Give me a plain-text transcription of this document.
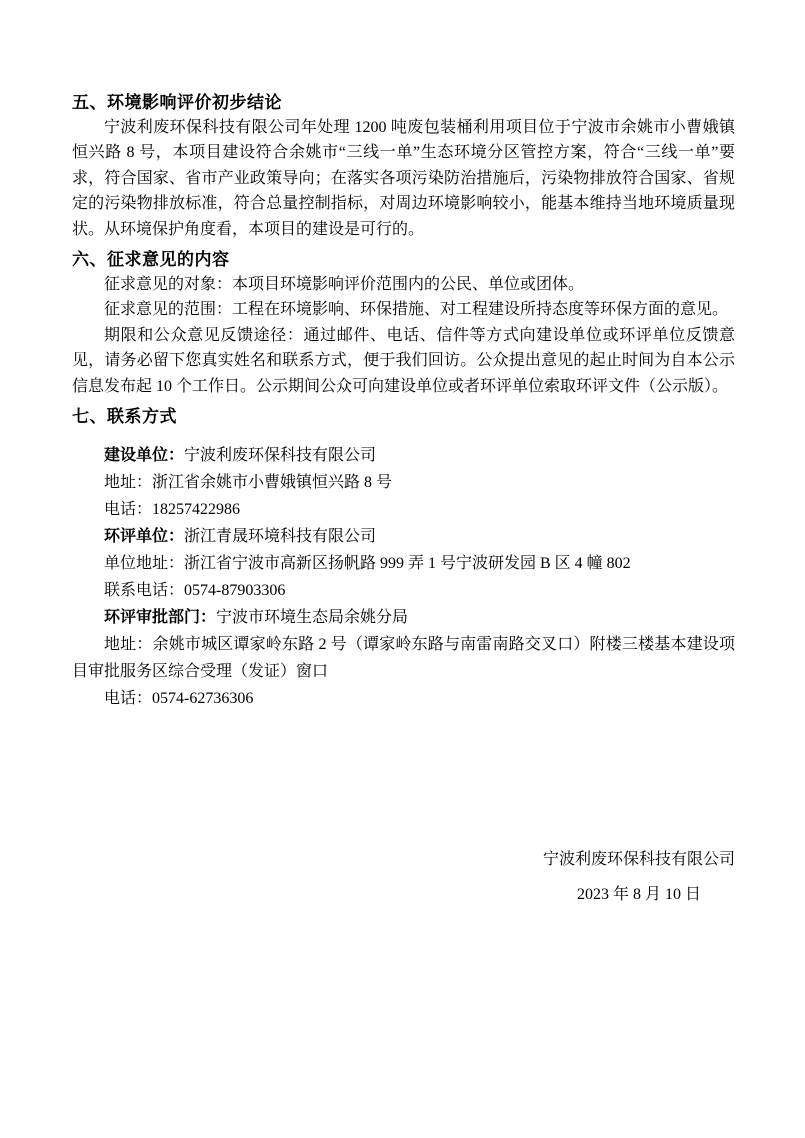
五、环境影响评价初步结论

宁波利废环保科技有限公司年处理 1200 吨废包装桶利用项目位于宁波市余姚市小曹娥镇恒兴路 8 号，本项目建设符合余姚市“三线一单”生态环境分区管控方案，符合“三线一单”要求，符合国家、省市产业政策导向；在落实各项污染防治措施后，污染物排放符合国家、省规定的污染物排放标准，符合总量控制指标，对周边环境影响较小，能基本维持当地环境质量现状。从环境保护角度看，本项目的建设是可行的。

六、征求意见的内容

征求意见的对象：本项目环境影响评价范围内的公民、单位或团体。

征求意见的范围：工程在环境影响、环保措施、对工程建设所持态度等环保方面的意见。

期限和公众意见反馈途径：通过邮件、电话、信件等方式向建设单位或环评单位反馈意见，请务必留下您真实姓名和联系方式，便于我们回访。公众提出意见的起止时间为自本公示信息发布起 10 个工作日。公示期间公众可向建设单位或者环评单位索取环评文件（公示版）。

七、联系方式

建设单位：宁波利废环保科技有限公司

地址：浙江省余姚市小曹娥镇恒兴路 8 号

电话：18257422986

环评单位：浙江青晟环境科技有限公司

单位地址：浙江省宁波市高新区扬帆路 999 弄 1 号宁波研发园 B 区 4 幢 802

联系电话：0574-87903306

环评审批部门：宁波市环境生态局余姚分局

地址：余姚市城区谭家岭东路 2 号（谭家岭东路与南雷南路交叉口）附楼三楼基本建设项目审批服务区综合受理（发证）窗口

电话：0574-62736306

宁波利废环保科技有限公司
2023 年 8 月 10 日
